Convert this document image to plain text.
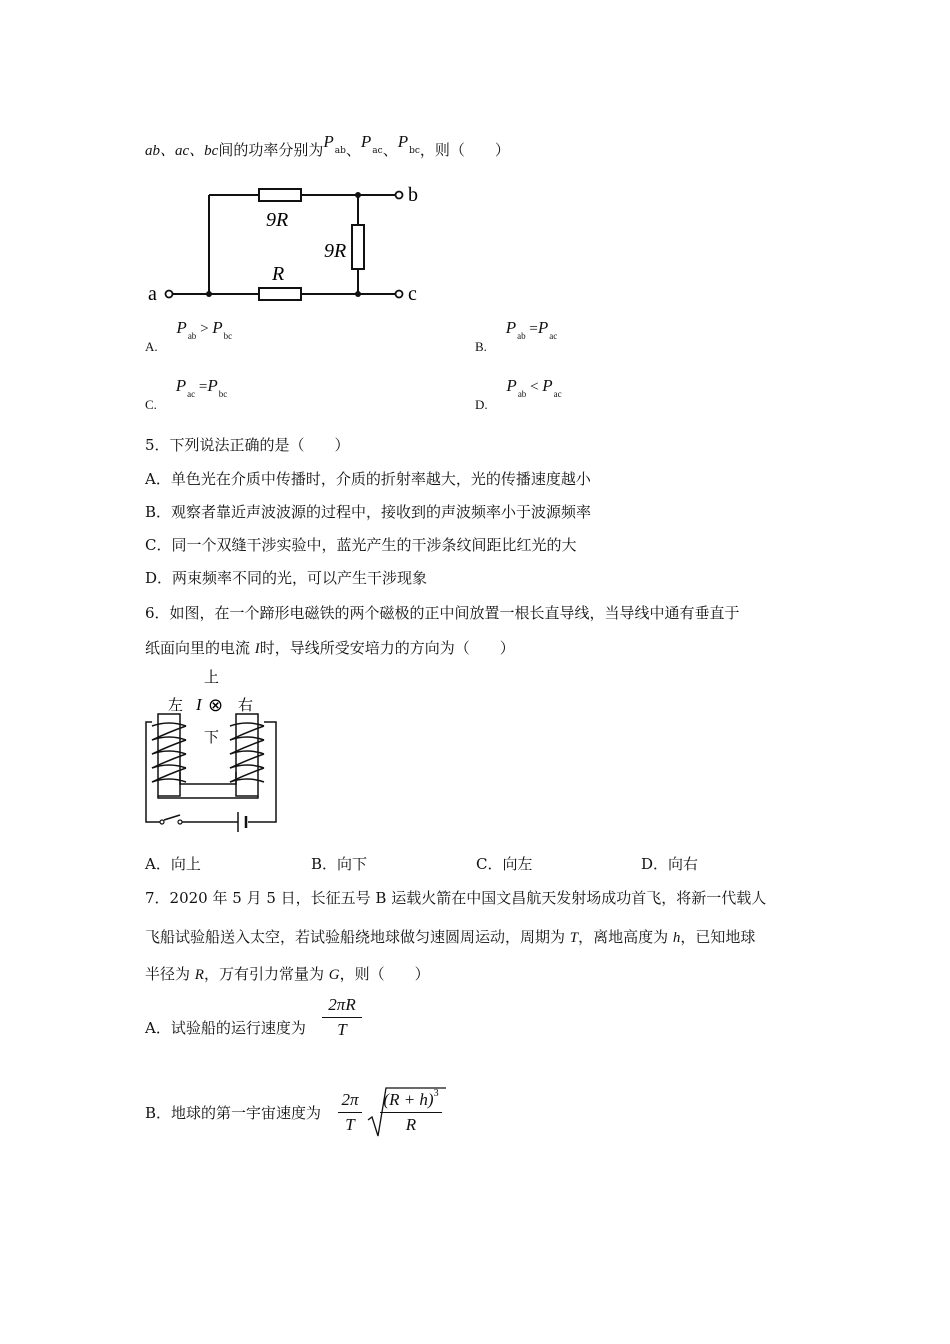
ab、ac、bc间的功率分别为$P_{ab}$、$P_{ac}$、$P_{bc}$，则（　　）
a
b
c
9R
9R
R
A. $P_{ab} > P_{bc}$
B. $P_{ab} =P_{ac}$
C. $P_{ac} =P_{bc}$
D. $P_{ab} < P_{ac}$
5．下列说法正确的是（　　）
A．单色光在介质中传播时，介质的折射率越大，光的传播速度越小
B．观察者靠近声波波源的过程中，接收到的声波频率小于波源频率
C．同一个双缝干涉实验中，蓝光产生的干涉条纹间距比红光的大
D．两束频率不同的光，可以产生干涉现象
6．如图，在一个蹄形电磁铁的两个磁极的正中间放置一根长直导线，当导线中通有垂直于
纸面向里的电流 I时，导线所受安培力的方向为（　　）
上
I ⊗
下
左	右
A．向上	B．向下	C．向左	D．向右
7．2020 年 5 月 5 日，长征五号 B 运载火箭在中国文昌航天发射场成功首飞，将新一代载人
飞船试验船送入太空，若试验船绕地球做匀速圆周运动，周期为 T，离地高度为 h，已知地球
半径为 R，万有引力常量为 G，则（　　）
A．试验船的运行速度为
2πR
T
B．地球的第一宇宙速度为
2π
T
$(R + h)^3$
R
